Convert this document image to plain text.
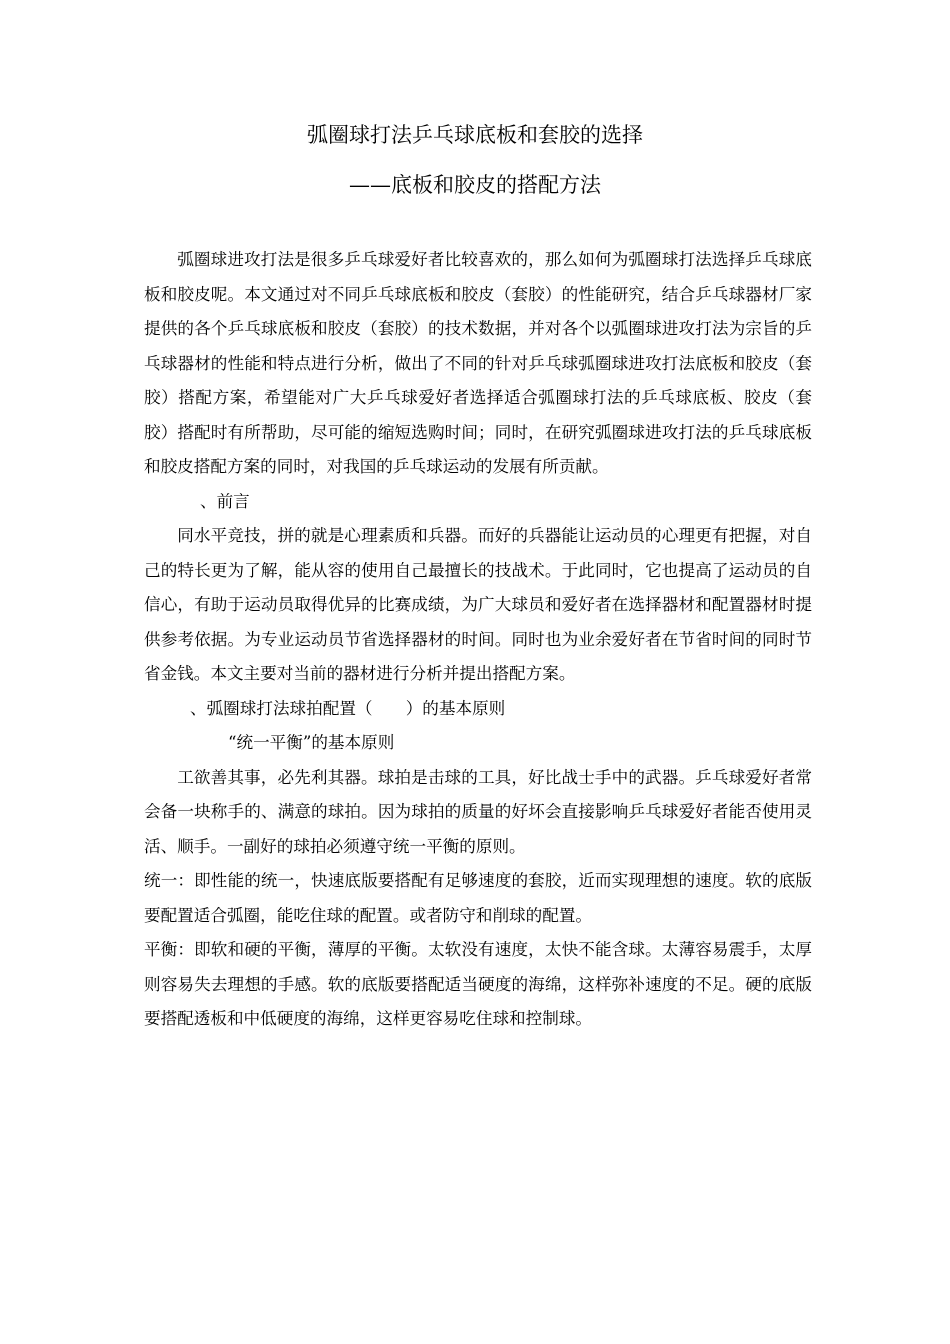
弧圈球打法乒乓球底板和套胶的选择
——底板和胶皮的搭配方法

弧圈球进攻打法是很多乒乓球爱好者比较喜欢的，那么如何为弧圈球打法选择乒乓球底板和胶皮呢。本文通过对不同乒乓球底板和胶皮（套胶）的性能研究，结合乒乓球器材厂家提供的各个乒乓球底板和胶皮（套胶）的技术数据，并对各个以弧圈球进攻打法为宗旨的乒乓球器材的性能和特点进行分析，做出了不同的针对乒乓球弧圈球进攻打法底板和胶皮（套胶）搭配方案，希望能对广大乒乓球爱好者选择适合弧圈球打法的乒乓球底板、胶皮（套胶）搭配时有所帮助，尽可能的缩短选购时间；同时，在研究弧圈球进攻打法的乒乓球底板和胶皮搭配方案的同时，对我国的乒乓球运动的发展有所贡献。

、前言

同水平竞技，拼的就是心理素质和兵器。而好的兵器能让运动员的心理更有把握，对自己的特长更为了解，能从容的使用自己最擅长的技战术。于此同时，它也提高了运动员的自信心，有助于运动员取得优异的比赛成绩，为广大球员和爱好者在选择器材和配置器材时提供参考依据。为专业运动员节省选择器材的时间。同时也为业余爱好者在节省时间的同时节省金钱。本文主要对当前的器材进行分析并提出搭配方案。

、弧圈球打法球拍配置（　　）的基本原则

“统一平衡”的基本原则

工欲善其事，必先利其器。球拍是击球的工具，好比战士手中的武器。乒乓球爱好者常会备一块称手的、满意的球拍。因为球拍的质量的好坏会直接影响乒乓球爱好者能否使用灵活、顺手。一副好的球拍必须遵守统一平衡的原则。

统一：即性能的统一，快速底版要搭配有足够速度的套胶，近而实现理想的速度。软的底版要配置适合弧圈，能吃住球的配置。或者防守和削球的配置。

平衡：即软和硬的平衡，薄厚的平衡。太软没有速度，太快不能含球。太薄容易震手，太厚则容易失去理想的手感。软的底版要搭配适当硬度的海绵，这样弥补速度的不足。硬的底版要搭配透板和中低硬度的海绵，这样更容易吃住球和控制球。
